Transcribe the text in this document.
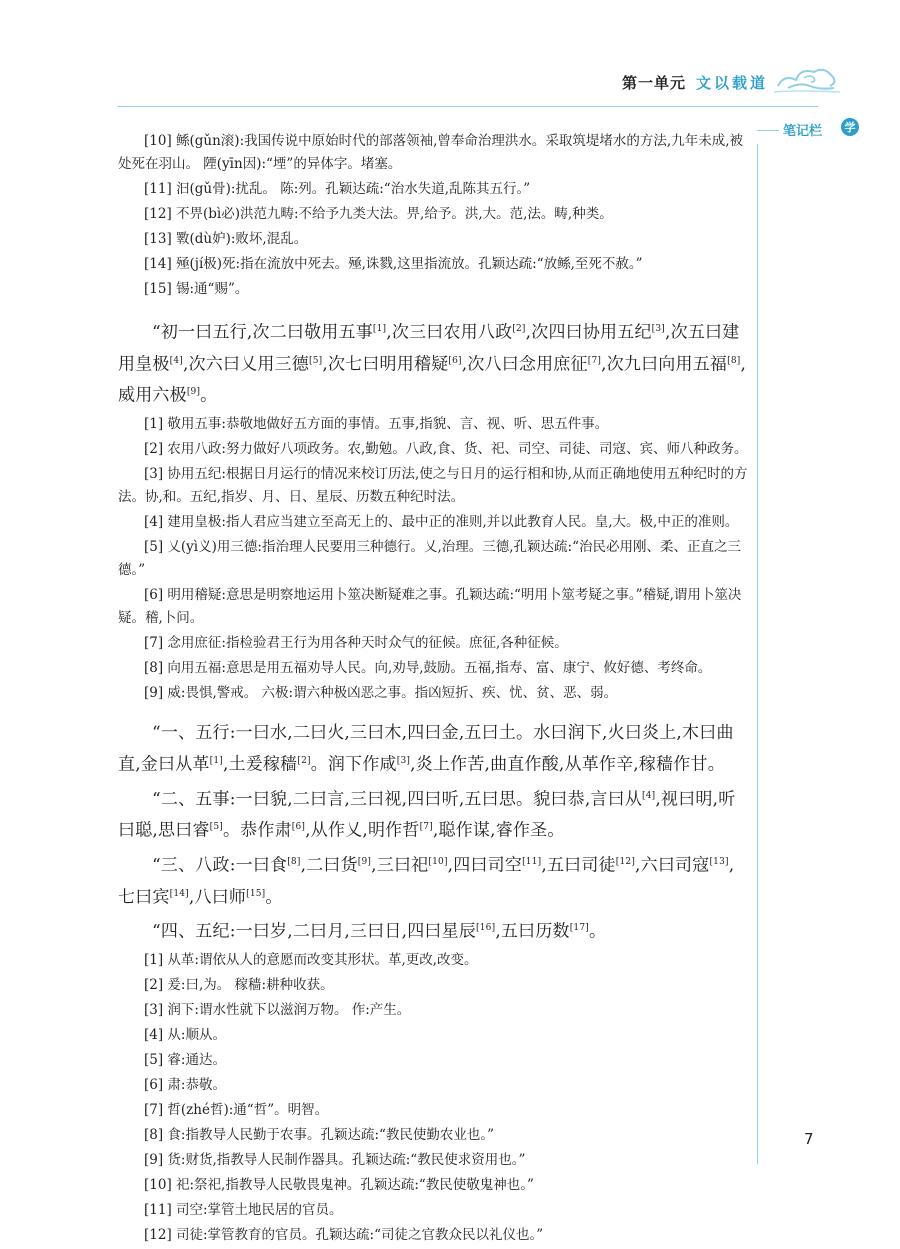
第一单元 文以载道
笔记栏	学

[10] 鲧(gǔn滚):我国传说中原始时代的部落领袖,曾奉命治理洪水。采取筑堤堵水的方法,九年未成,被处死在羽山。 陻(yīn因):“堙”的异体字。堵塞。

[11] 汩(gǔ骨):扰乱。 陈:列。孔颖达疏:“治水失道,乱陈其五行。”

[12] 不畀(bì必)洪范九畴:不给予九类大法。畀,给予。洪,大。范,法。畴,种类。

[13] 斁(dù妒):败坏,混乱。

[14] 殛(jí极)死:指在流放中死去。殛,诛戮,这里指流放。孔颖达疏:“放鲧,至死不赦。”

[15] 锡:通“赐”。

“初一曰五行,次二曰敬用五事[1],次三曰农用八政[2],次四曰协用五纪[3],次五曰建用皇极[4],次六曰乂用三德[5],次七曰明用稽疑[6],次八曰念用庶征[7],次九曰向用五福[8],威用六极[9]。

[1] 敬用五事:恭敬地做好五方面的事情。五事,指貌、言、视、听、思五件事。

[2] 农用八政:努力做好八项政务。农,勤勉。八政,食、货、祀、司空、司徒、司寇、宾、师八种政务。

[3] 协用五纪:根据日月运行的情况来校订历法,使之与日月的运行相和协,从而正确地使用五种纪时的方法。协,和。五纪,指岁、月、日、星辰、历数五种纪时法。

[4] 建用皇极:指人君应当建立至高无上的、最中正的准则,并以此教育人民。皇,大。极,中正的准则。

[5] 乂(yì义)用三德:指治理人民要用三种德行。乂,治理。三德,孔颖达疏:“治民必用刚、柔、正直之三德。”

[6] 明用稽疑:意思是明察地运用卜筮决断疑难之事。孔颖达疏:“明用卜筮考疑之事。”稽疑,谓用卜筮决疑。稽,卜问。

[7] 念用庶征:指检验君王行为用各种天时众气的征候。庶征,各种征候。

[8] 向用五福:意思是用五福劝导人民。向,劝导,鼓励。五福,指寿、富、康宁、攸好德、考终命。

[9] 威:畏惧,警戒。 六极:谓六种极凶恶之事。指凶短折、疾、忧、贫、恶、弱。

“一、五行:一曰水,二曰火,三曰木,四曰金,五曰土。水曰润下,火曰炎上,木曰曲直,金曰从革[1],土爰稼穑[2]。润下作咸[3],炎上作苦,曲直作酸,从革作辛,稼穑作甘。

“二、五事:一曰貌,二曰言,三曰视,四曰听,五曰思。貌曰恭,言曰从[4],视曰明,听曰聪,思曰睿[5]。恭作肃[6],从作乂,明作哲[7],聪作谋,睿作圣。

“三、八政:一曰食[8],二曰货[9],三曰祀[10],四曰司空[11],五曰司徒[12],六曰司寇[13],七曰宾[14],八曰师[15]。

“四、五纪:一曰岁,二曰月,三曰日,四曰星辰[16],五曰历数[17]。

[1] 从革:谓依从人的意愿而改变其形状。革,更改,改变。

[2] 爰:曰,为。 稼穑:耕种收获。

[3] 润下:谓水性就下以滋润万物。 作:产生。

[4] 从:顺从。

[5] 睿:通达。

[6] 肃:恭敬。

[7] 哲(zhé哲):通“哲”。明智。

[8] 食:指教导人民勤于农事。孔颖达疏:“教民使勤农业也。”

[9] 货:财货,指教导人民制作器具。孔颖达疏:“教民使求资用也。”

[10] 祀:祭祀,指教导人民敬畏鬼神。孔颖达疏:“教民使敬鬼神也。”

[11] 司空:掌管土地民居的官员。

[12] 司徒:掌管教育的官员。孔颖达疏:“司徒之官教众民以礼仪也。”

7
